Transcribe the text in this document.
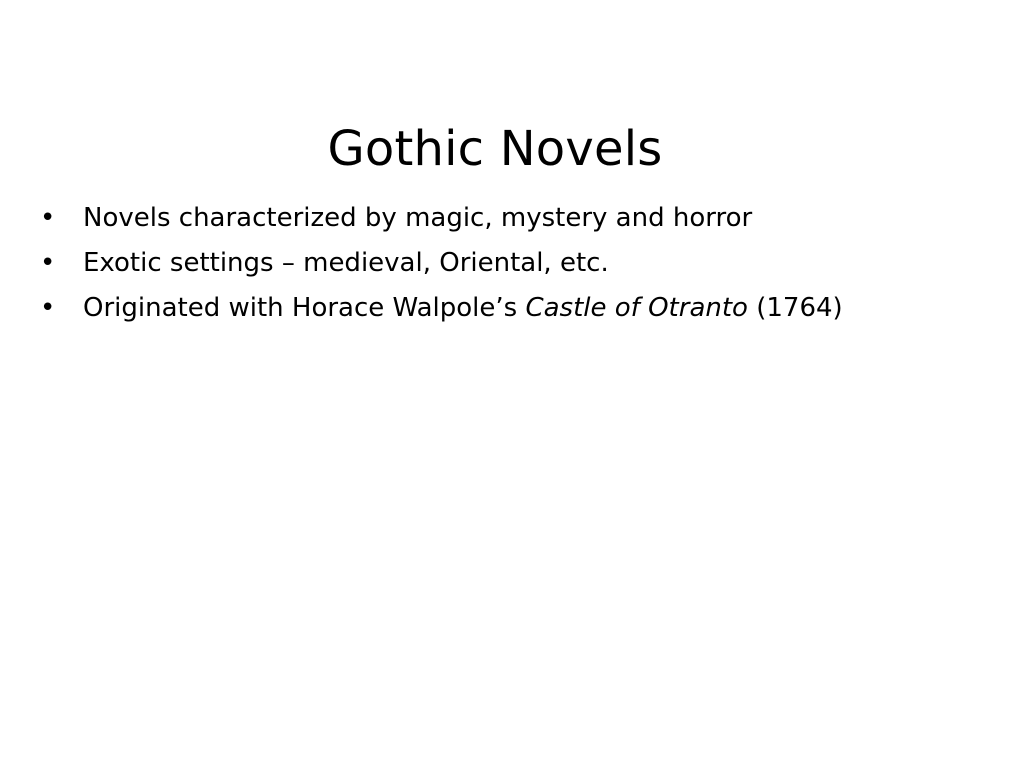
Gothic Novels
•	Novels characterized by magic, mystery and horror
•	Exotic settings – medieval, Oriental, etc.
•	Originated with Horace Walpole’s Castle of Otranto (1764)
